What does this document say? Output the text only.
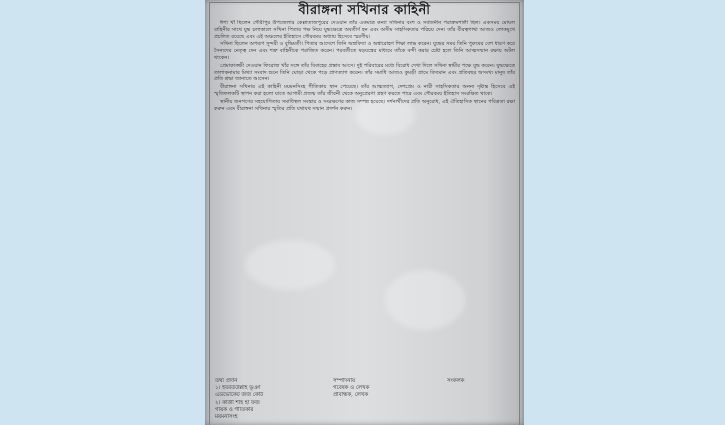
বীরাঙ্গনা সখিনার কাহিনী

ঈশা খাঁ ছিলেন গৌরীপুর উপজেলার কেল্লাতাজপুরের দেওয়ান তাঁর একমাত্র কন্যা সখিনার বংশ ও সর্বজনীন পরাক্রমশালী ছিল। একসময় মোঘল বাহিনীর সাথে যুদ্ধ চলাকালে সখিনা পিতার পক্ষ নিয়ে যুদ্ধক্ষেত্রে অবতীর্ণ হন এবং অসীম সাহসিকতার পরিচয় দেন। তাঁর বীরত্বগাথা আজও লোকমুখে প্রচলিত রয়েছে এবং এই অঞ্চলের ইতিহাসে গৌরবময় অধ্যায় হিসেবে স্মরণীয়।

সখিনা ছিলেন অপরূপ সুন্দরী ও বুদ্ধিমতী। পিতার আদেশে তিনি অস্ত্রবিদ্যা ও অশ্বারোহণ শিক্ষা লাভ করেন। যুদ্ধের সময় তিনি পুরুষের বেশ ধারণ করে সৈন্যদের নেতৃত্ব দেন এবং শত্রু বাহিনীকে পরাজিত করেন। পরবর্তীতে ষড়যন্ত্রের মাধ্যমে তাঁকে বন্দী করার চেষ্টা হলে তিনি আত্মসম্মান রক্ষায় অটল থাকেন।

প্রেমাকাঙ্ক্ষী দেওয়ান ফিরোজ খাঁর সঙ্গে তাঁর বিবাহের প্রস্তাব আসে। দুই পরিবারের মধ্যে বিরোধ দেখা দিলে সখিনা স্বামীর পক্ষে যুদ্ধ করেন। যুদ্ধক্ষেত্রে তালাকনামার মিথ্যা সংবাদ শুনে তিনি ঘোড়া থেকে পড়ে প্রাণত্যাগ করেন। তাঁর সমাধি আজও কুমড়ী গ্রামে বিদ্যমান এবং প্রতিবছর অসংখ্য মানুষ তাঁর প্রতি শ্রদ্ধা জানাতে আসেন।

বীরাঙ্গনা সখিনার এই কাহিনী ময়মনসিংহ গীতিকায় স্থান পেয়েছে। তাঁর আত্মত্যাগ, দেশপ্রেম ও নারী সাহসিকতার অনন্য দৃষ্টান্ত হিসেবে এই স্মৃতিফলকটি স্থাপন করা হলো যাতে আগামী প্রজন্ম তাঁর জীবনী থেকে অনুপ্রেরণা গ্রহণ করতে পারে এবং গৌরবময় ইতিহাস সংরক্ষিত থাকে।

স্থানীয় জনগণের সহযোগিতায় সমাধিস্থল সংস্কার ও সংরক্ষণের কাজ সম্পন্ন হয়েছে। দর্শনার্থীদের প্রতি অনুরোধ, এই ঐতিহাসিক স্থানের পবিত্রতা রক্ষা করুন এবং বীরাঙ্গনা সখিনার স্মৃতির প্রতি যথাযথ সম্মান প্রদর্শন করুন।

তথ্য প্রদান
১। হযরতউল্লাহ ভূঞা
এডভোকেট জজ কোর্ট
২। কাজী শাহ হা ফজ
গায়ক ও গীতিকার
ময়মনসিংহ
সম্পাদনায়
গবেষক ও লেখক
প্রাবন্ধিক, লেখক
সংকলক
